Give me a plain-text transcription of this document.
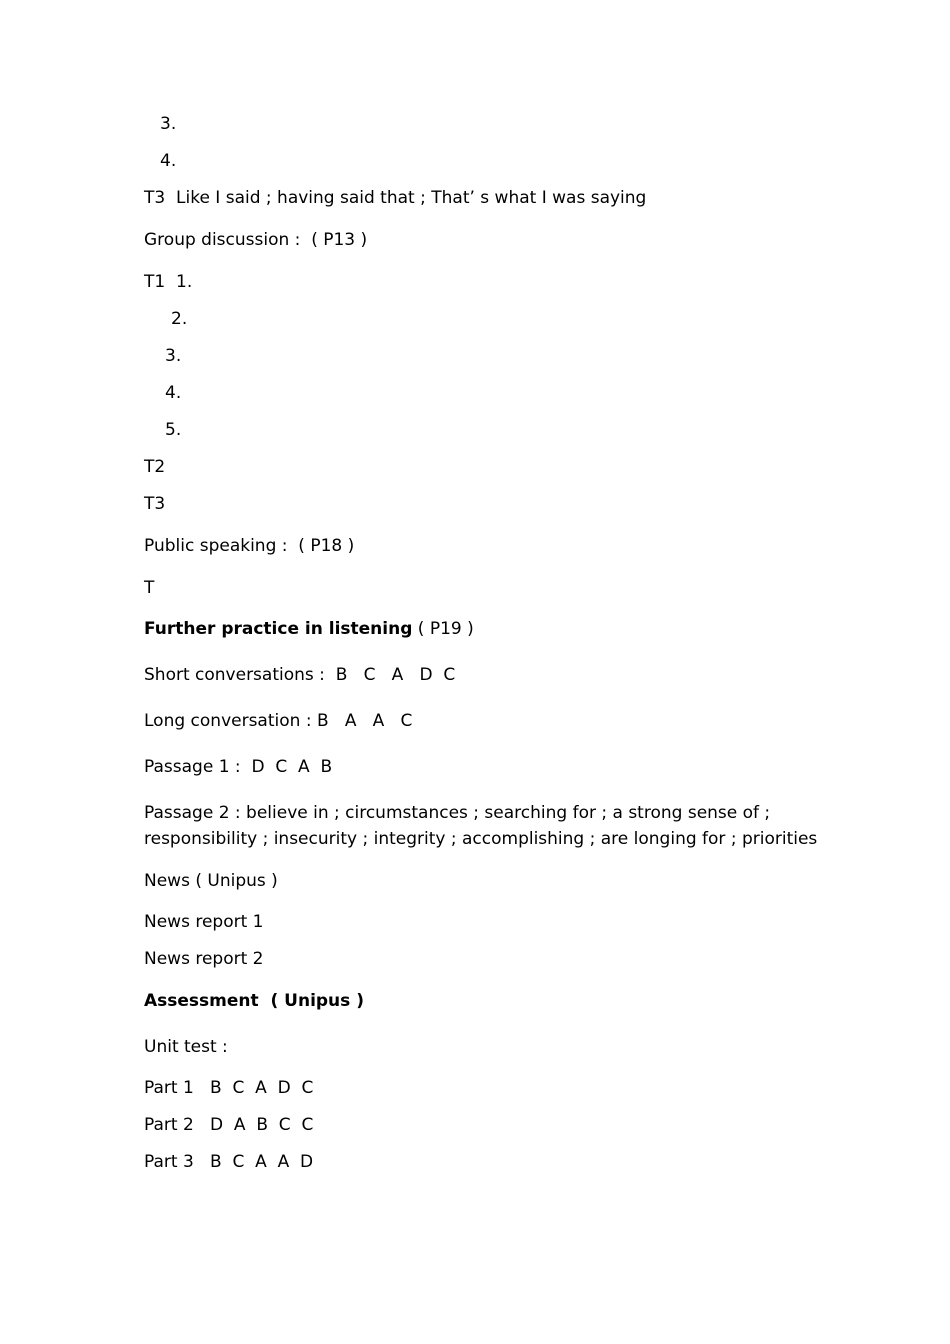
3.
4.
T3  Like I said ; having said that ; That’ s what I was saying
Group discussion :  ( P13 )
T1  1.
2.
3.
4.
5.
T2
T3
Public speaking :  ( P18 )
T
Further practice in listening ( P19 )
Short conversations :  B   C   A   D  C
Long conversation : B   A   A   C
Passage 1 :  D  C  A  B
Passage 2 : believe in ; circumstances ; searching for ; a strong sense of ;
responsibility ; insecurity ; integrity ; accomplishing ; are longing for ; priorities
News ( Unipus )
News report 1
News report 2
Assessment  ( Unipus )
Unit test :
Part 1   B  C  A  D  C
Part 2   D  A  B  C  C
Part 3   B  C  A  A  D
